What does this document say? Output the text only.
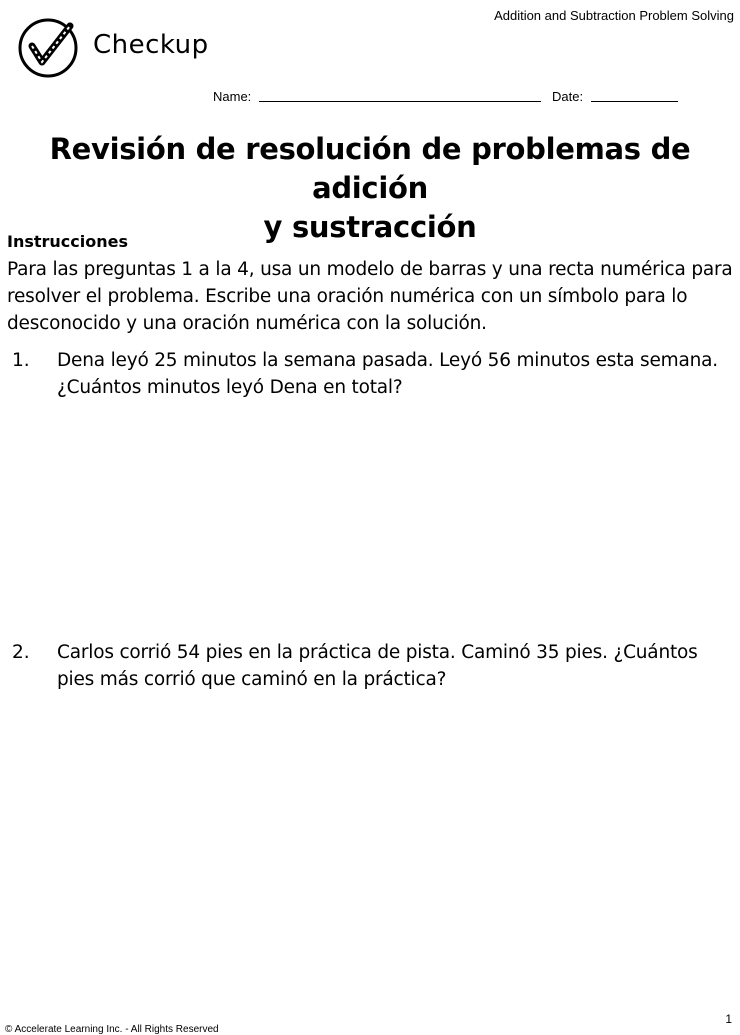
Addition and Subtraction Problem Solving
Checkup
Name:	Date:
Revisión de resolución de problemas de adición
y sustracción
Instrucciones
Para las preguntas 1 a la 4, usa un modelo de barras y una recta numérica para resolver el problema. Escribe una oración numérica con un símbolo para lo desconocido y una oración numérica con la solución.
1. Dena leyó 25 minutos la semana pasada. Leyó 56 minutos esta semana. ¿Cuántos minutos leyó Dena en total?
2. Carlos corrió 54 pies en la práctica de pista. Caminó 35 pies. ¿Cuántos pies más corrió que caminó en la práctica?
© Accelerate Learning Inc. - All Rights Reserved
1
